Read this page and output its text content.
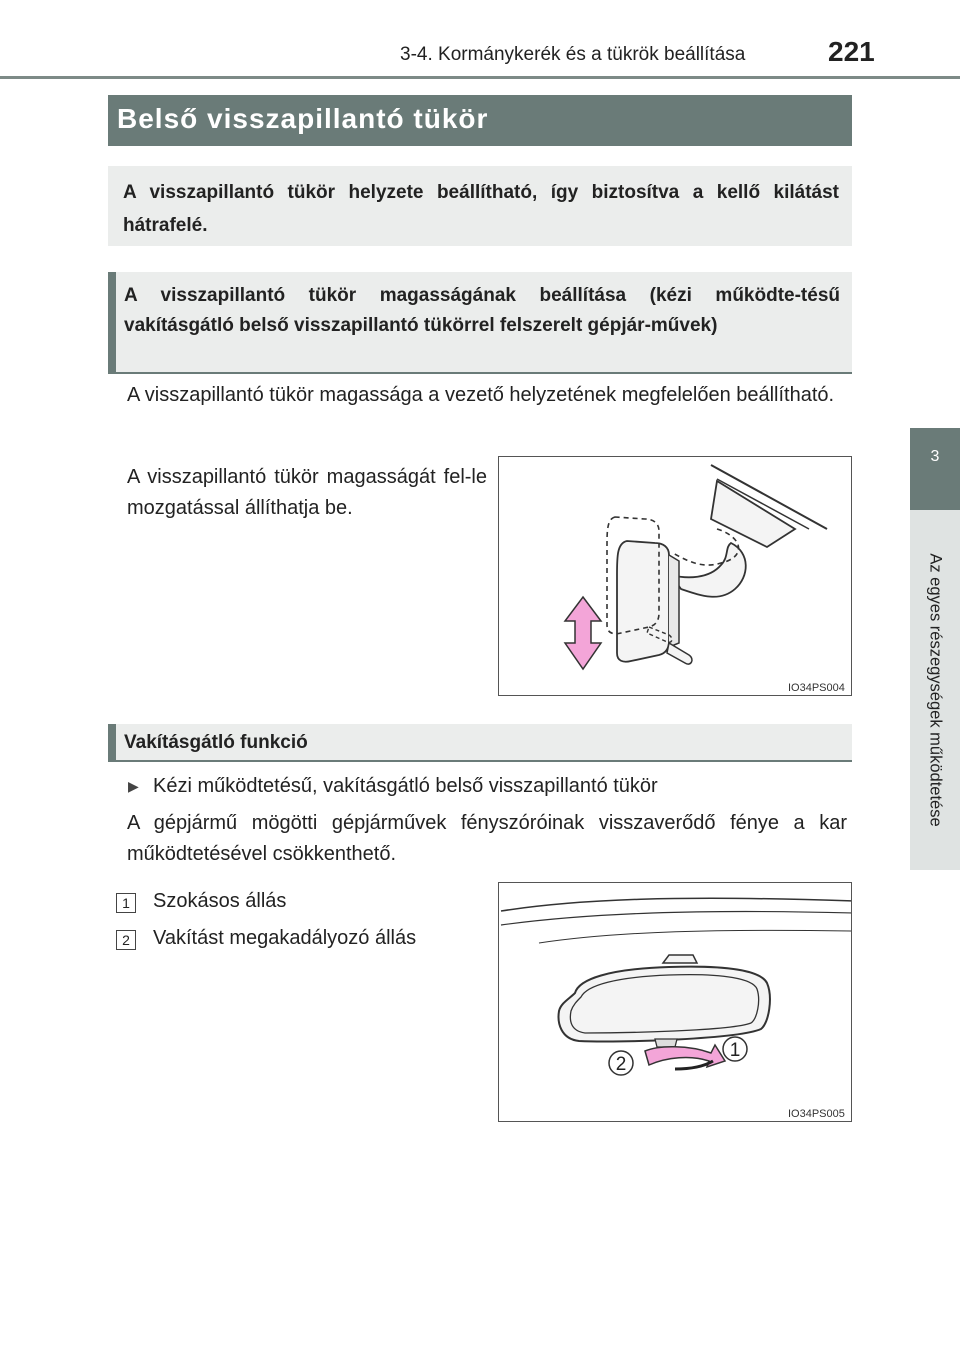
3-4. Kormánykerék és a tükrök beállítása	221
3
Az egyes részegységek működtetése
Belső visszapillantó tükör
A visszapillantó tükör helyzete beállítható, így biztosítva a kellő kilátást hátrafelé.
A visszapillantó tükör magasságának beállítása (kézi működte-tésű vakításgátló belső visszapillantó tükörrel felszerelt gépjár-művek)
A visszapillantó tükör magassága a vezető helyzetének megfelelően beállítható.
A visszapillantó tükör magasságát fel-le mozgatással állíthatja be.
IO34PS004
Vakításgátló funkció
▶ Kézi működtetésű, vakításgátló belső visszapillantó tükör
A gépjármű mögötti gépjárművek fényszóróinak visszaverődő fénye a kar működtetésével csökkenthető.
1	Szokásos állás
2	Vakítást megakadályozó állás
1
2
IO34PS005
